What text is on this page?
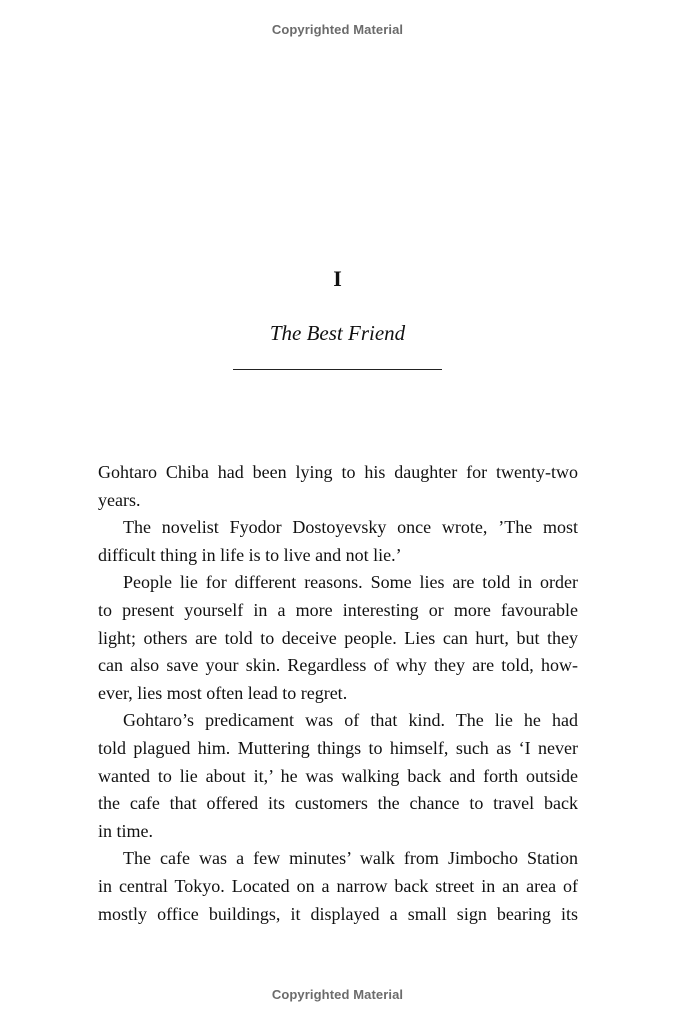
Copyrighted Material
I
The Best Friend
Gohtaro Chiba had been lying to his daughter for twenty-two
years.
The novelist Fyodor Dostoyevsky once wrote, ’The most
difficult thing in life is to live and not lie.’
People lie for different reasons. Some lies are told in order
to present yourself in a more interesting or more favourable
light; others are told to deceive people. Lies can hurt, but they
can also save your skin. Regardless of why they are told, how-
ever, lies most often lead to regret.
Gohtaro’s predicament was of that kind. The lie he had
told plagued him. Muttering things to himself, such as ‘I never
wanted to lie about it,’ he was walking back and forth outside
the cafe that offered its customers the chance to travel back
in time.
The cafe was a few minutes’ walk from Jimbocho Station
in central Tokyo. Located on a narrow back street in an area of
mostly office buildings, it displayed a small sign bearing its
Copyrighted Material
